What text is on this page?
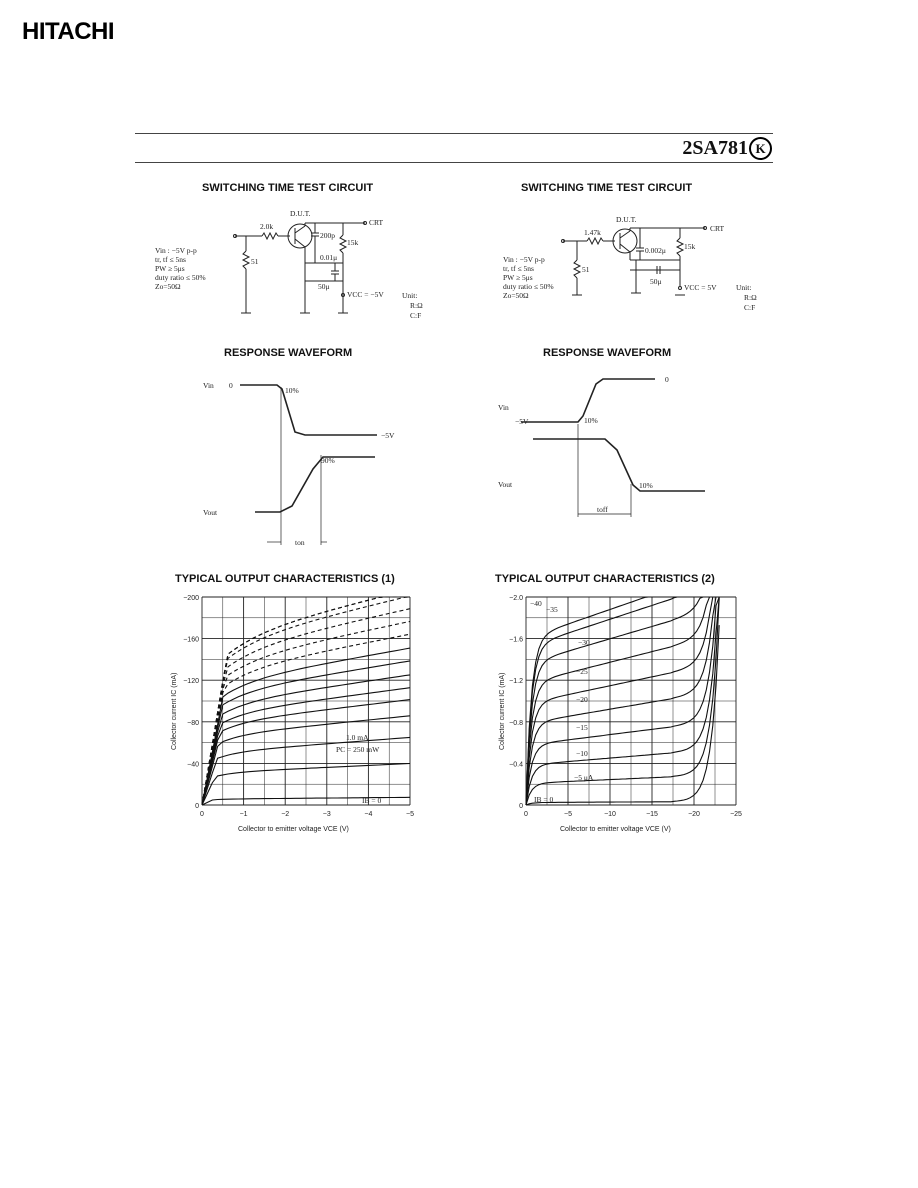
HITACHI
2SA781 K
SWITCHING TIME TEST CIRCUIT	SWITCHING TIME TEST CIRCUIT
RESPONSE WAVEFORM	RESPONSE WAVEFORM
TYPICAL OUTPUT CHARACTERISTICS (1)	TYPICAL OUTPUT CHARACTERISTICS (2)
D.U.T.
CRT
2.0k
51
200p
15k
0.01μ
50μ
VCC = −5V
Vin : −5V p-p
tr, tf ≤ 5ns
PW ≥ 5μs
duty ratio ≤ 50%
Zo=50Ω
Unit:
R:Ω
C:F
D.U.T.
CRT
1.47k
51
0.002μ 15k
50μ
VCC = 5V
Vin : −5V p-p
tr, tf ≤ 5ns
PW ≥ 5μs
duty ratio ≤ 50%
Zo=50Ω
Unit:
R:Ω
C:F
Vin 0
10%
−5V
90%
Vout
ton
Vin
0
−5V	10%
Vout	10%
toff
0	−1	−2	−3	−4	−5
0
−40
−80
−120
−160
−200
IB = 0
1.0 mA
PC = 250 mW
Collector to emitter voltage VCE (V)
Collector current IC (mA)
0	−5	−10	−15	−20	−25
0
−0.4
−0.8
−1.2
−1.6
−2.0
IB = 0
−5 μA
−10
−15
−20
−25
−30
−35
−40
Collector to emitter voltage VCE (V)
Collector current IC (mA)
